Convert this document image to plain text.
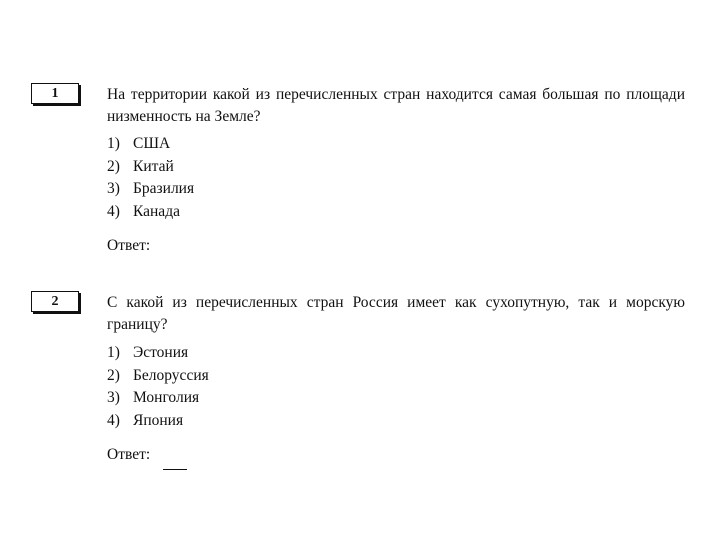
1	На территории какой из перечисленных стран находится самая большая по площади низменность на Земле?

1) США
2) Китай
3) Бразилия
4) Канада
Ответ:
2	С какой из перечисленных стран Россия имеет как сухопутную, так и морскую границу?

1) Эстония
2) Белоруссия
3) Монголия
4) Япония
Ответ:
